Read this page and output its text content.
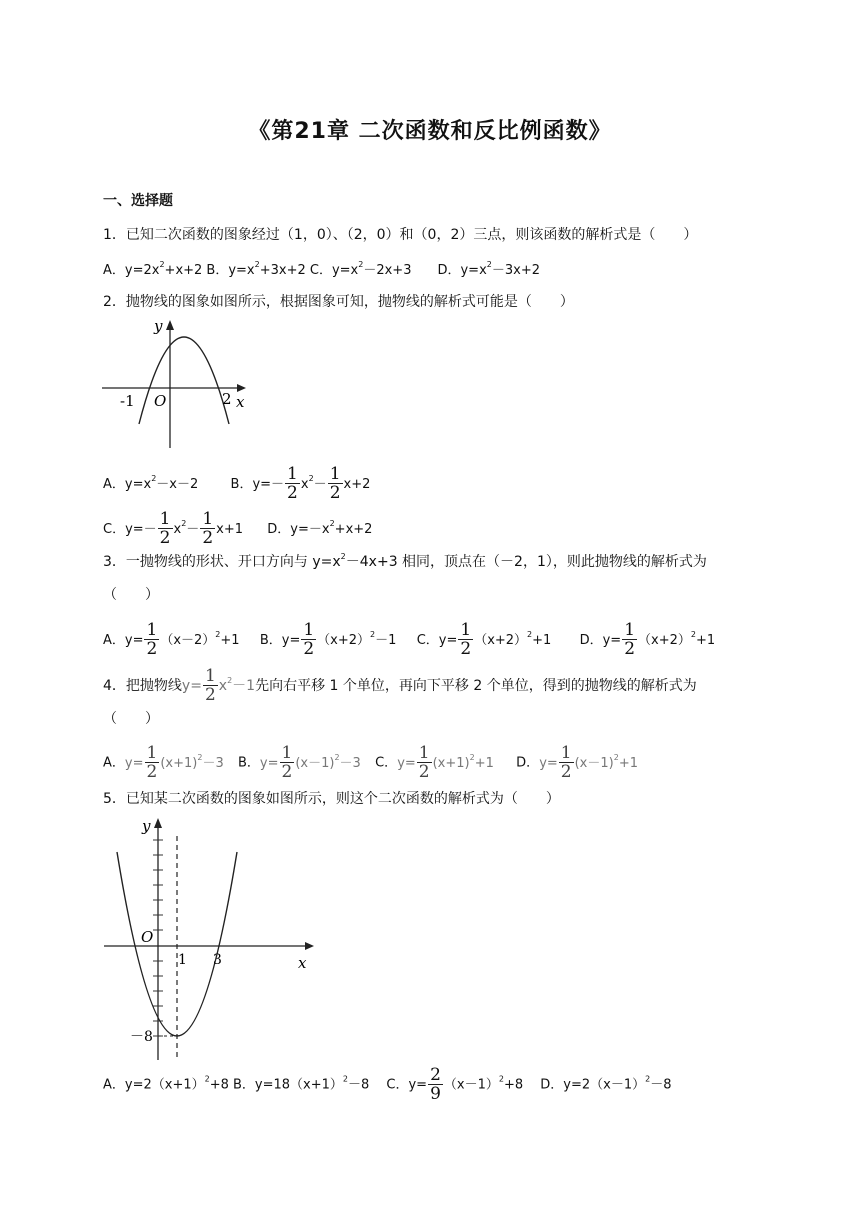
《第21章 二次函数和反比例函数》
一、选择题
1．已知二次函数的图象经过（1，0）、（2，0）和（0，2）三点，则该函数的解析式是（　　）
A．$y=2x^2+x+2$ B．$y=x^2+3x+2$ C．$y=x^2-2x+3$　　D．$y=x^2-3x+2$
2．抛物线的图象如图所示，根据图象可知，抛物线的解析式可能是（　　）
y
x
O
-1	2
A．$y=x^2-x-2$ B．$y=- \frac{1}{2} x^2- \frac{1}{2} x+2$
C．$y=- \frac{1}{2} x^2- \frac{1}{2} x+1$ D．$y=-x^2+x+2$
3．一抛物线的形状、开口方向与 $y=x^2-4x+3$ 相同，顶点在（－2，1），则此抛物线的解析式为
（　　）
A．$y= \frac{1}{2} (x-2)^2+1$ B．$y= \frac{1}{2} (x+2)^2-1$ C．$y= \frac{1}{2} (x+2)^2+1$ D．$y= \frac{1}{2} (x+2)^2+1$
4．把抛物线$y= \frac{1}{2} x^2-1$先向右平移 1 个单位，再向下平移 2 个单位，得到的抛物线的解析式为
（　　）
A．$y= \frac{1}{2} (x+1)^2-3$ B．$y= \frac{1}{2} (x-1)^2-3$ C．$y= \frac{1}{2} (x+1)^2+1$ D．$y= \frac{1}{2} (x-1)^2+1$
5．已知某二次函数的图象如图所示，则这个二次函数的解析式为（　　）
y
x
O
1 3
－8
A．$y=2(x+1)^2+8$ B．$y=18(x+1)^2-8$　 C．$y= \frac{2}{9} (x-1)^2+8$　 D．$y=2(x-1)^2-8$
